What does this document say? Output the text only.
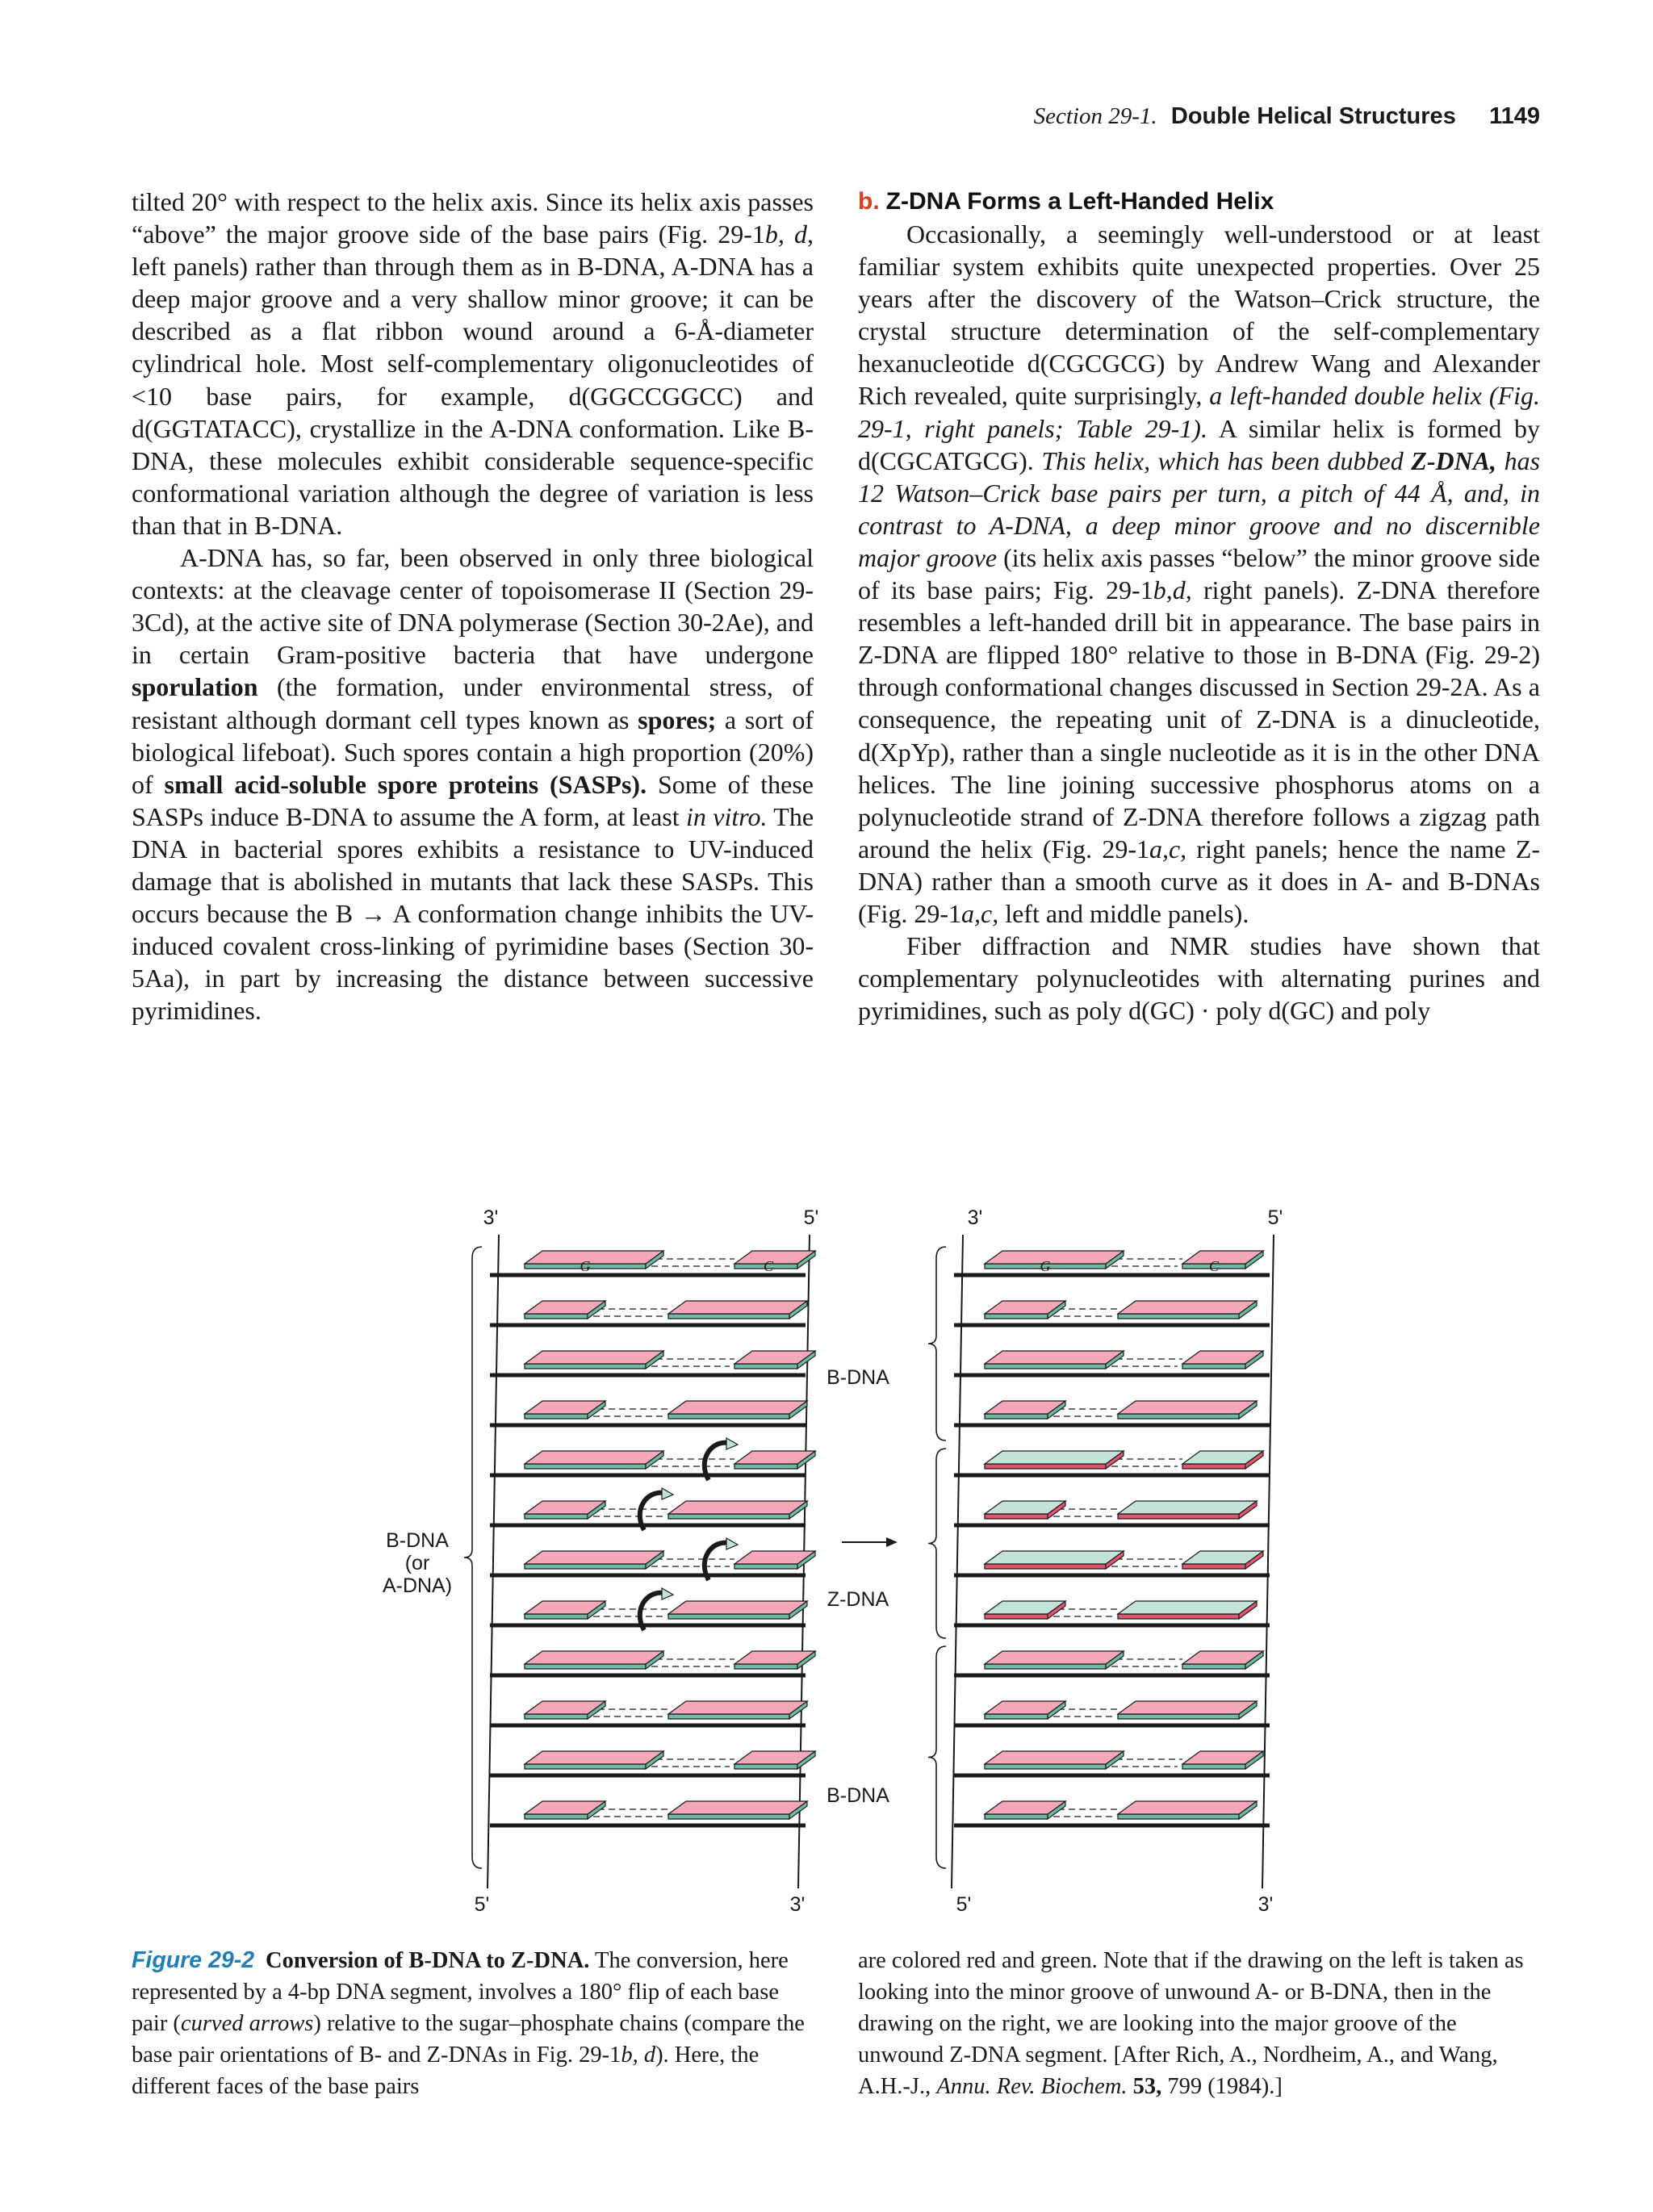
Section 29-1. Double Helical Structures 1149

tilted 20° with respect to the helix axis. Since its helix axis passes “above” the major groove side of the base pairs (Fig. 29-1b, d, left panels) rather than through them as in B-DNA, A-DNA has a deep major groove and a very shallow minor groove; it can be described as a flat ribbon wound around a 6-Å-diameter cylindrical hole. Most self-complementary oligonucleotides of <10 base pairs, for example, d(GGCCGGCC) and d(GGTATACC), crystallize in the A-DNA conformation. Like B-DNA, these molecules exhibit considerable sequence-specific conformational variation although the degree of variation is less than that in B-DNA.

A-DNA has, so far, been observed in only three biological contexts: at the cleavage center of topoisomerase II (Section 29-3Cd), at the active site of DNA polymerase (Section 30-2Ae), and in certain Gram-positive bacteria that have undergone sporulation (the formation, under environmental stress, of resistant although dormant cell types known as spores; a sort of biological lifeboat). Such spores contain a high proportion (20%) of small acid-soluble spore proteins (SASPs). Some of these SASPs induce B-DNA to assume the A form, at least in vitro. The DNA in bacterial spores exhibits a resistance to UV-induced damage that is abolished in mutants that lack these SASPs. This occurs because the B → A conformation change inhibits the UV-induced covalent cross-linking of pyrimidine bases (Section 30-5Aa), in part by increasing the distance between successive pyrimidines.

b. Z-DNA Forms a Left-Handed Helix

Occasionally, a seemingly well-understood or at least familiar system exhibits quite unexpected properties. Over 25 years after the discovery of the Watson–Crick structure, the crystal structure determination of the self-complementary hexanucleotide d(CGCGCG) by Andrew Wang and Alexander Rich revealed, quite surprisingly, a left-handed double helix (Fig. 29-1, right panels; Table 29-1). A similar helix is formed by d(CGCATGCG). This helix, which has been dubbed Z-DNA, has 12 Watson–Crick base pairs per turn, a pitch of 44 Å, and, in contrast to A-DNA, a deep minor groove and no discernible major groove (its helix axis passes “below” the minor groove side of its base pairs; Fig. 29-1b,d, right panels). Z-DNA therefore resembles a left-handed drill bit in appearance. The base pairs in Z-DNA are flipped 180° relative to those in B-DNA (Fig. 29-2) through conformational changes discussed in Section 29-2A. As a consequence, the repeating unit of Z-DNA is a dinucleotide, d(XpYp), rather than a single nucleotide as it is in the other DNA helices. The line joining successive phosphorus atoms on a polynucleotide strand of Z-DNA therefore follows a zigzag path around the helix (Fig. 29-1a,c, right panels; hence the name Z-DNA) rather than a smooth curve as it does in A- and B-DNAs (Fig. 29-1a,c, left and middle panels).

Fiber diffraction and NMR studies have shown that complementary polynucleotides with alternating purines and pyrimidines, such as poly d(GC) · poly d(GC) and poly

G	C	G	C
3'	5'
5'	3'
B-DNA
(or
A-DNA)
3'	5'
5'	3'
B-DNA
Z-DNA
B-DNA

Figure 29-2 Conversion of B-DNA to Z-DNA. The conversion, here represented by a 4-bp DNA segment, involves a 180° flip of each base pair (curved arrows) relative to the sugar–phosphate chains (compare the base pair orientations of B- and Z-DNAs in Fig. 29-1b, d). Here, the different faces of the base pairs

are colored red and green. Note that if the drawing on the left is taken as looking into the minor groove of unwound A- or B-DNA, then in the drawing on the right, we are looking into the major groove of the unwound Z-DNA segment. [After Rich, A., Nordheim, A., and Wang, A.H.-J., Annu. Rev. Biochem. 53, 799 (1984).]
